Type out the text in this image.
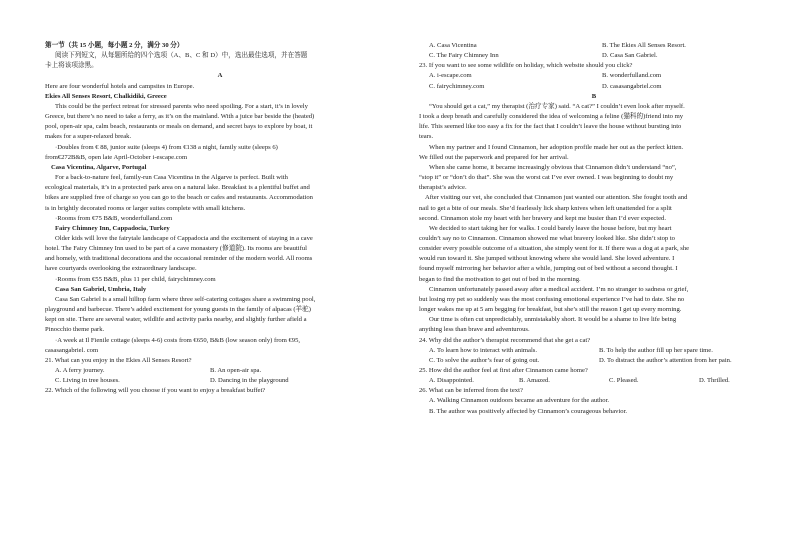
第一节（共 15 小题，每小题 2 分，满分 30 分）
阅读下列短文，从每题所给的四个选项（A、B、C 和 D）中，选出最佳选项，并在答题
卡上将该项涂黑。
A
Here are four wonderful hotels and campsites in Europe.
Ekies All Senses Resort, Chalkidiki, Greece
This could be the perfect retreat for stressed parents who need spoiling. For a start, it’s in lovely
Greece, but there’s no need to take a ferry, as it’s on the mainland. With a juice bar beside the (heated)
pool, open-air spa, calm beach, restaurants or meals on demand, and secret bays to explore by boat, it
makes for a super-relaxed break.
·Doubles from € 88, junior suite (sleeps 4) from €138 a night, family suite (sleeps 6)
from€272B&B, open late April-October i-escape.com
Casa Vicentina, Algarve, Portugal
For a back-to-nature feel, family-run Casa Vicentina in the Algarve is perfect. Built with
ecological materials, it’s in a protected park area on a natural lake. Breakfast is a plentiful buffet and
bikes are supplied free of charge so you can go to the beach or cafes and restaurants. Accommodation
is in brightly decorated rooms or larger suites complete with small kitchens.
·Rooms from €75 B&B, wonderfulland.com
Fairy Chimney Inn, Cappadocia, Turkey
Older kids will love the fairytale landscape of Cappadocia and the excitement of staying in a cave
hotel. The Fairy Chimney Inn used to be part of a cave monastery (修道院). Its rooms are beautiful
and homely, with traditional decorations and the occasional reminder of the modern world. All rooms
have courtyards overlooking the extraordinary landscape.
·Rooms from €55 B&B, plus 11 per child, fairychimney.com
Casa San Gabriel, Umbria, Italy
Casa San Gabriel is a small hilltop farm where three self-catering cottages share a swimming pool,
playground and barbecue. There’s added excitement for young guests in the family of alpacas (羊驼)
kept on site. There are several water, wildlife and activity parks nearby, and slightly further afield a
Pinocchio theme park.
·A week at Il Fienile cottage (sleeps 4-6) costs from €650, B&B (low season only) from €95,
casasangabriel. com
21. What can you enjoy in the Ekies All Senses Resort?
A. A ferry journey.	B. An open-air spa.
C. Living in tree houses.	D. Dancing in the playground
22. Which of the following will you choose if you want to enjoy a breakfast buffet?
A. Casa Vicentina	B. The Ekies All Senses Resort.
C. The Fairy Chimney Inn	D. Casa San Gabriel.
23. If you want to see some wildlife on holiday, which website should you click?
A. i-escape.com	B. wonderfulland.com
C. fairychimney.com	D. casasangabriel.com
B
“You should get a cat,” my therapist (治疗专家) said. “A cat?” I couldn’t even look after myself.
I took a deep breath and carefully considered the idea of welcoming a feline (猫科的)friend into my
life. This seemed like too easy a fix for the fact that I couldn’t leave the house without bursting into
tears.
When my partner and I found Cinnamon, her adoption profile made her out as the perfect kitten.
We filled out the paperwork and prepared for her arrival.
When she came home, it became increasingly obvious that Cinnamon didn’t understand “no”,
“stop it” or “don’t do that”. She was the worst cat I’ve ever owned. I was beginning to doubt my
therapist’s advice.
After visiting our vet, she concluded that Cinnamon just wanted our attention. She fought tooth and
nail to get a bite of our meals. She’d fearlessly lick sharp knives when left unattended for a split
second. Cinnamon stole my heart with her bravery and kept me busier than I’d ever expected.
We decided to start taking her for walks. I could barely leave the house before, but my heart
couldn’t say no to Cinnamon. Cinnamon showed me what bravery looked like. She didn’t stop to
consider every possible outcome of a situation, she simply went for it. If there was a dog at a park, she
would run toward it. She jumped without knowing where she would land. She loved adventure. I
found myself mirroring her behavior after a while, jumping out of bed without a second thought. I
began to find the motivation to get out of bed in the morning.
Cinnamon unfortunately passed away after a medical accident. I’m no stranger to sadness or grief,
but losing my pet so suddenly was the most confusing emotional experience I’ve had to date. She no
longer wakes me up at 5 am begging for breakfast, but she’s still the reason I get up every morning.
Our time is often cut unpredictably, unmistakably short. It would be a shame to live life being
anything less than brave and adventurous.
24. Why did the author’s therapist recommend that she get a cat?
A. To learn how to interact with animals.	B. To help the author fill up her spare time.
C. To solve the author’s fear of going out.	D. To distract the author’s attention from her pain.
25. How did the author feel at first after Cinnamon came home?
A. Disappointed.	B. Amazed.	C. Pleased.	D. Thrilled.
26. What can be inferred from the text?
A. Walking Cinnamon outdoors became an adventure for the author.
B. The author was positively affected by Cinnamon’s courageous behavior.
